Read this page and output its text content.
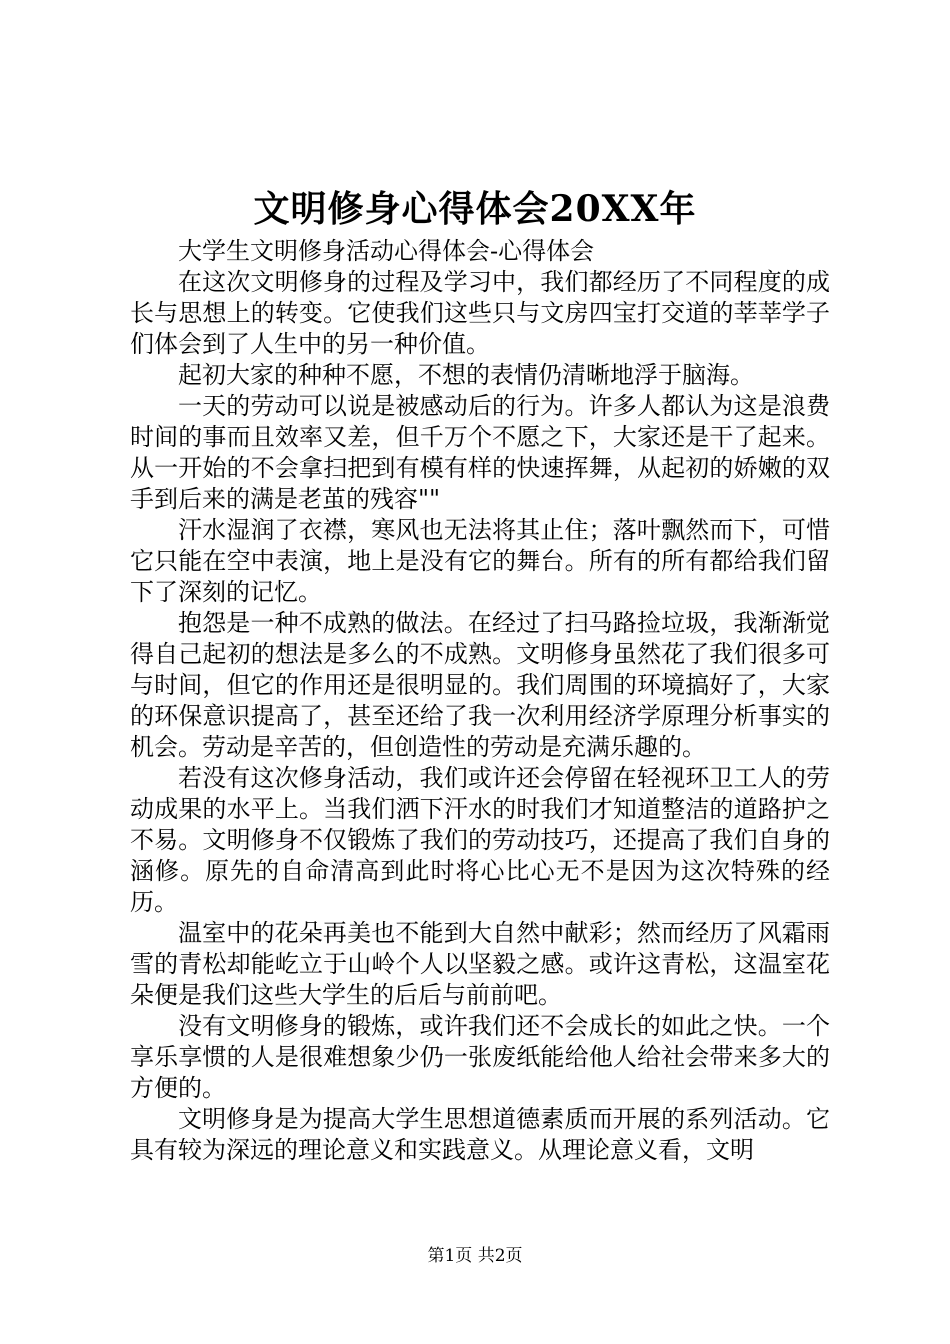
文明修身心得体会20XX年

大学生文明修身活动心得体会-心得体会

在这次文明修身的过程及学习中，我们都经历了不同程度的成长与思想上的转变。它使我们这些只与文房四宝打交道的莘莘学子们体会到了人生中的另一种价值。

起初大家的种种不愿，不想的表情仍清晰地浮于脑海。

一天的劳动可以说是被感动后的行为。许多人都认为这是浪费时间的事而且效率又差，但千万个不愿之下，大家还是干了起来。从一开始的不会拿扫把到有模有样的快速挥舞，从起初的娇嫩的双手到后来的满是老茧的残容""

汗水湿润了衣襟，寒风也无法将其止住；落叶飘然而下，可惜它只能在空中表演，地上是没有它的舞台。所有的所有都给我们留下了深刻的记忆。

抱怨是一种不成熟的做法。在经过了扫马路捡垃圾，我渐渐觉得自己起初的想法是多么的不成熟。文明修身虽然花了我们很多可与时间，但它的作用还是很明显的。我们周围的环境搞好了，大家的环保意识提高了，甚至还给了我一次利用经济学原理分析事实的机会。劳动是辛苦的，但创造性的劳动是充满乐趣的。

若没有这次修身活动，我们或许还会停留在轻视环卫工人的劳动成果的水平上。当我们洒下汗水的时我们才知道整洁的道路护之不易。文明修身不仅锻炼了我们的劳动技巧，还提高了我们自身的涵修。原先的自命清高到此时将心比心无不是因为这次特殊的经历。

温室中的花朵再美也不能到大自然中献彩；然而经历了风霜雨雪的青松却能屹立于山岭个人以坚毅之感。或许这青松，这温室花朵便是我们这些大学生的后后与前前吧。

没有文明修身的锻炼，或许我们还不会成长的如此之快。一个享乐享惯的人是很难想象少仍一张废纸能给他人给社会带来多大的方便的。

文明修身是为提高大学生思想道德素质而开展的系列活动。它具有较为深远的理论意义和实践意义。从理论意义看，文明

第1页 共2页
